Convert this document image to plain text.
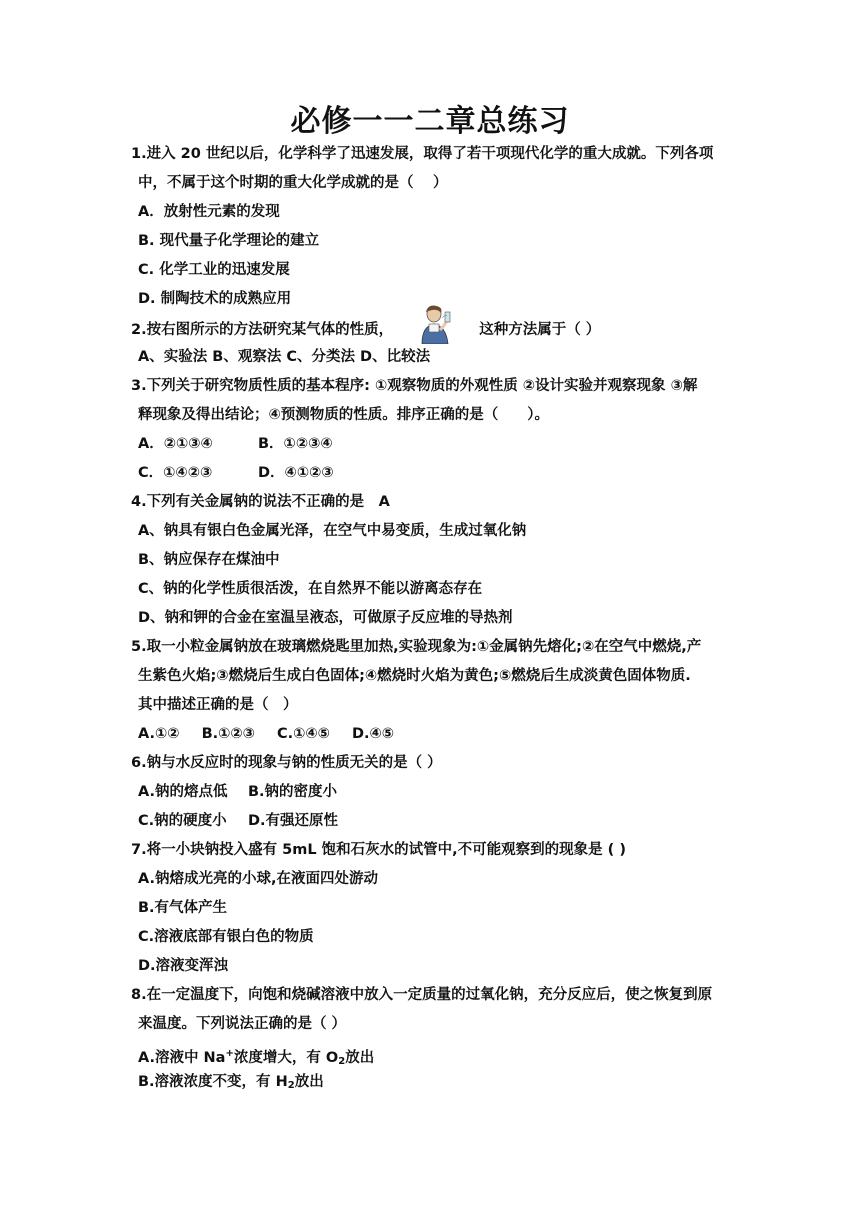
必修一一二章总练习
1.进入 20 世纪以后，化学科学了迅速发展，取得了若干项现代化学的重大成就。下列各项
中，不属于这个时期的重大化学成就的是（　 ）
A．放射性元素的发现
B. 现代量子化学理论的建立
C. 化学工业的迅速发展
D. 制陶技术的成熟应用
2.按右图所示的方法研究某气体的性质，	这种方法属于（ ）
A、实验法 B、观察法 C、分类法 D、比较法
3.下列关于研究物质性质的基本程序: ①观察物质的外观性质 ②设计实验并观察现象 ③解
释现象及得出结论；④预测物质的性质。排序正确的是（　　）。
A．②①③④	B．①②③④
C．①④②③	D．④①②③
4.下列有关金属钠的说法不正确的是　A
A、钠具有银白色金属光泽，在空气中易变质，生成过氧化钠
B、钠应保存在煤油中
C、钠的化学性质很活泼，在自然界不能以游离态存在
D、钠和钾的合金在室温呈液态，可做原子反应堆的导热剂
5.取一小粒金属钠放在玻璃燃烧匙里加热,实验现象为:①金属钠先熔化;②在空气中燃烧,产
生紫色火焰;③燃烧后生成白色固体;④燃烧时火焰为黄色;⑤燃烧后生成淡黄色固体物质.
其中描述正确的是（　）
A.①② B.①②③ C.①④⑤ D.④⑤
6.钠与水反应时的现象与钠的性质无关的是（ ）
A.钠的熔点低 B.钠的密度小
C.钠的硬度小 D.有强还原性
7.将一小块钠投入盛有 5mL 饱和石灰水的试管中,不可能观察到的现象是 ( )
A.钠熔成光亮的小球,在液面四处游动
B.有气体产生
C.溶液底部有银白色的物质
D.溶液变浑浊
8.在一定温度下，向饱和烧碱溶液中放入一定质量的过氧化钠，充分反应后，使之恢复到原
来温度。下列说法正确的是（ ）
A.溶液中 Na+浓度增大，有 $O_2$放出
B.溶液浓度不变，有 $H_2$放出
